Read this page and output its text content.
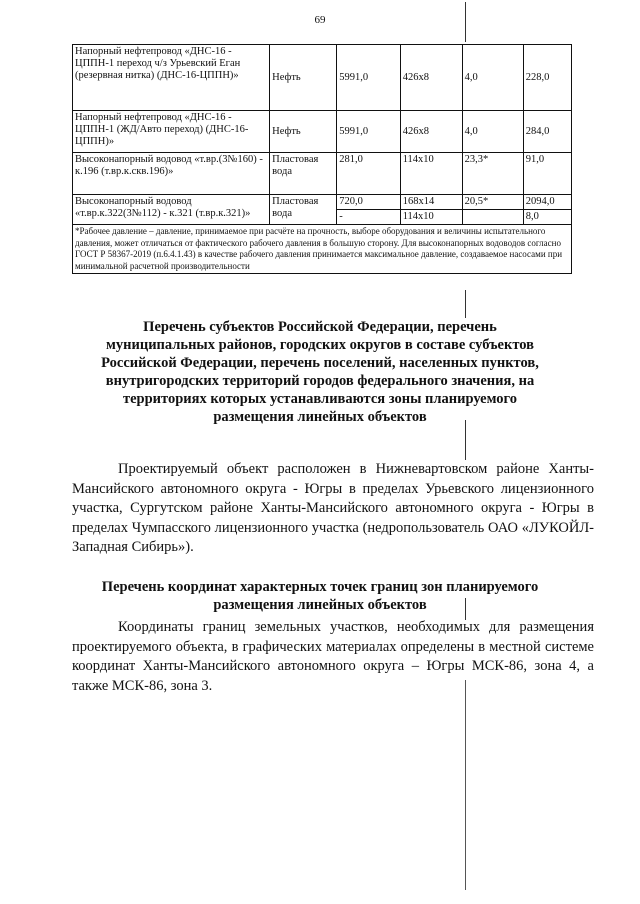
69
Напорный нефтепровод «ДНС-16 - ЦППН-1 переход ч/з Урьевский Еган (резервная нитка) (ДНС-16-ЦППН)»	Нефть	5991,0	426x8	4,0	228,0
Напорный нефтепровод «ДНС-16 - ЦППН-1 (ЖД/Авто переход) (ДНС-16-ЦППН)»	Нефть	5991,0	426x8	4,0	284,0
Высоконапорный водовод «т.вр.(3№160) - к.196 (т.вр.к.скв.196)»	Пластовая вода	281,0	114x10	23,3*	91,0
Высоконапорный водовод «т.вр.к.322(3№112) - к.321 (т.вр.к.321)»	Пластовая вода	720,0	168x14	20,5*	2094,0
		-	114x10		8,0
*Рабочее давление – давление, принимаемое при расчёте на прочность, выборе оборудования и величины испытательного давления, может отличаться от фактического рабочего давления в большую сторону. Для высоконапорных водоводов согласно ГОСТ Р 58367-2019 (п.6.4.1.43) в качестве рабочего давления принимается максимальное давление, создаваемое насосами при минимальной расчетной производительности					
Перечень субъектов Российской Федерации, перечень муниципальных районов, городских округов в составе субъектов Российской Федерации, перечень поселений, населенных пунктов, внутригородских территорий городов федерального значения, на территориях которых устанавливаются зоны планируемого размещения линейных объектов
Проектируемый объект расположен в Нижневартовском районе Ханты-Мансийского автономного округа - Югры в пределах Урьевского лицензионного участка, Сургутском районе Ханты-Мансийского автономного округа - Югры в пределах Чумпасского лицензионного участка (недропользователь ОАО «ЛУКОЙЛ-Западная Сибирь»).
Перечень координат характерных точек границ зон планируемого размещения линейных объектов
Координаты границ земельных участков, необходимых для размещения проектируемого объекта, в графических материалах определены в местной системе координат Ханты-Мансийского автономного округа – Югры МСК-86, зона 4, а также МСК-86, зона 3.
